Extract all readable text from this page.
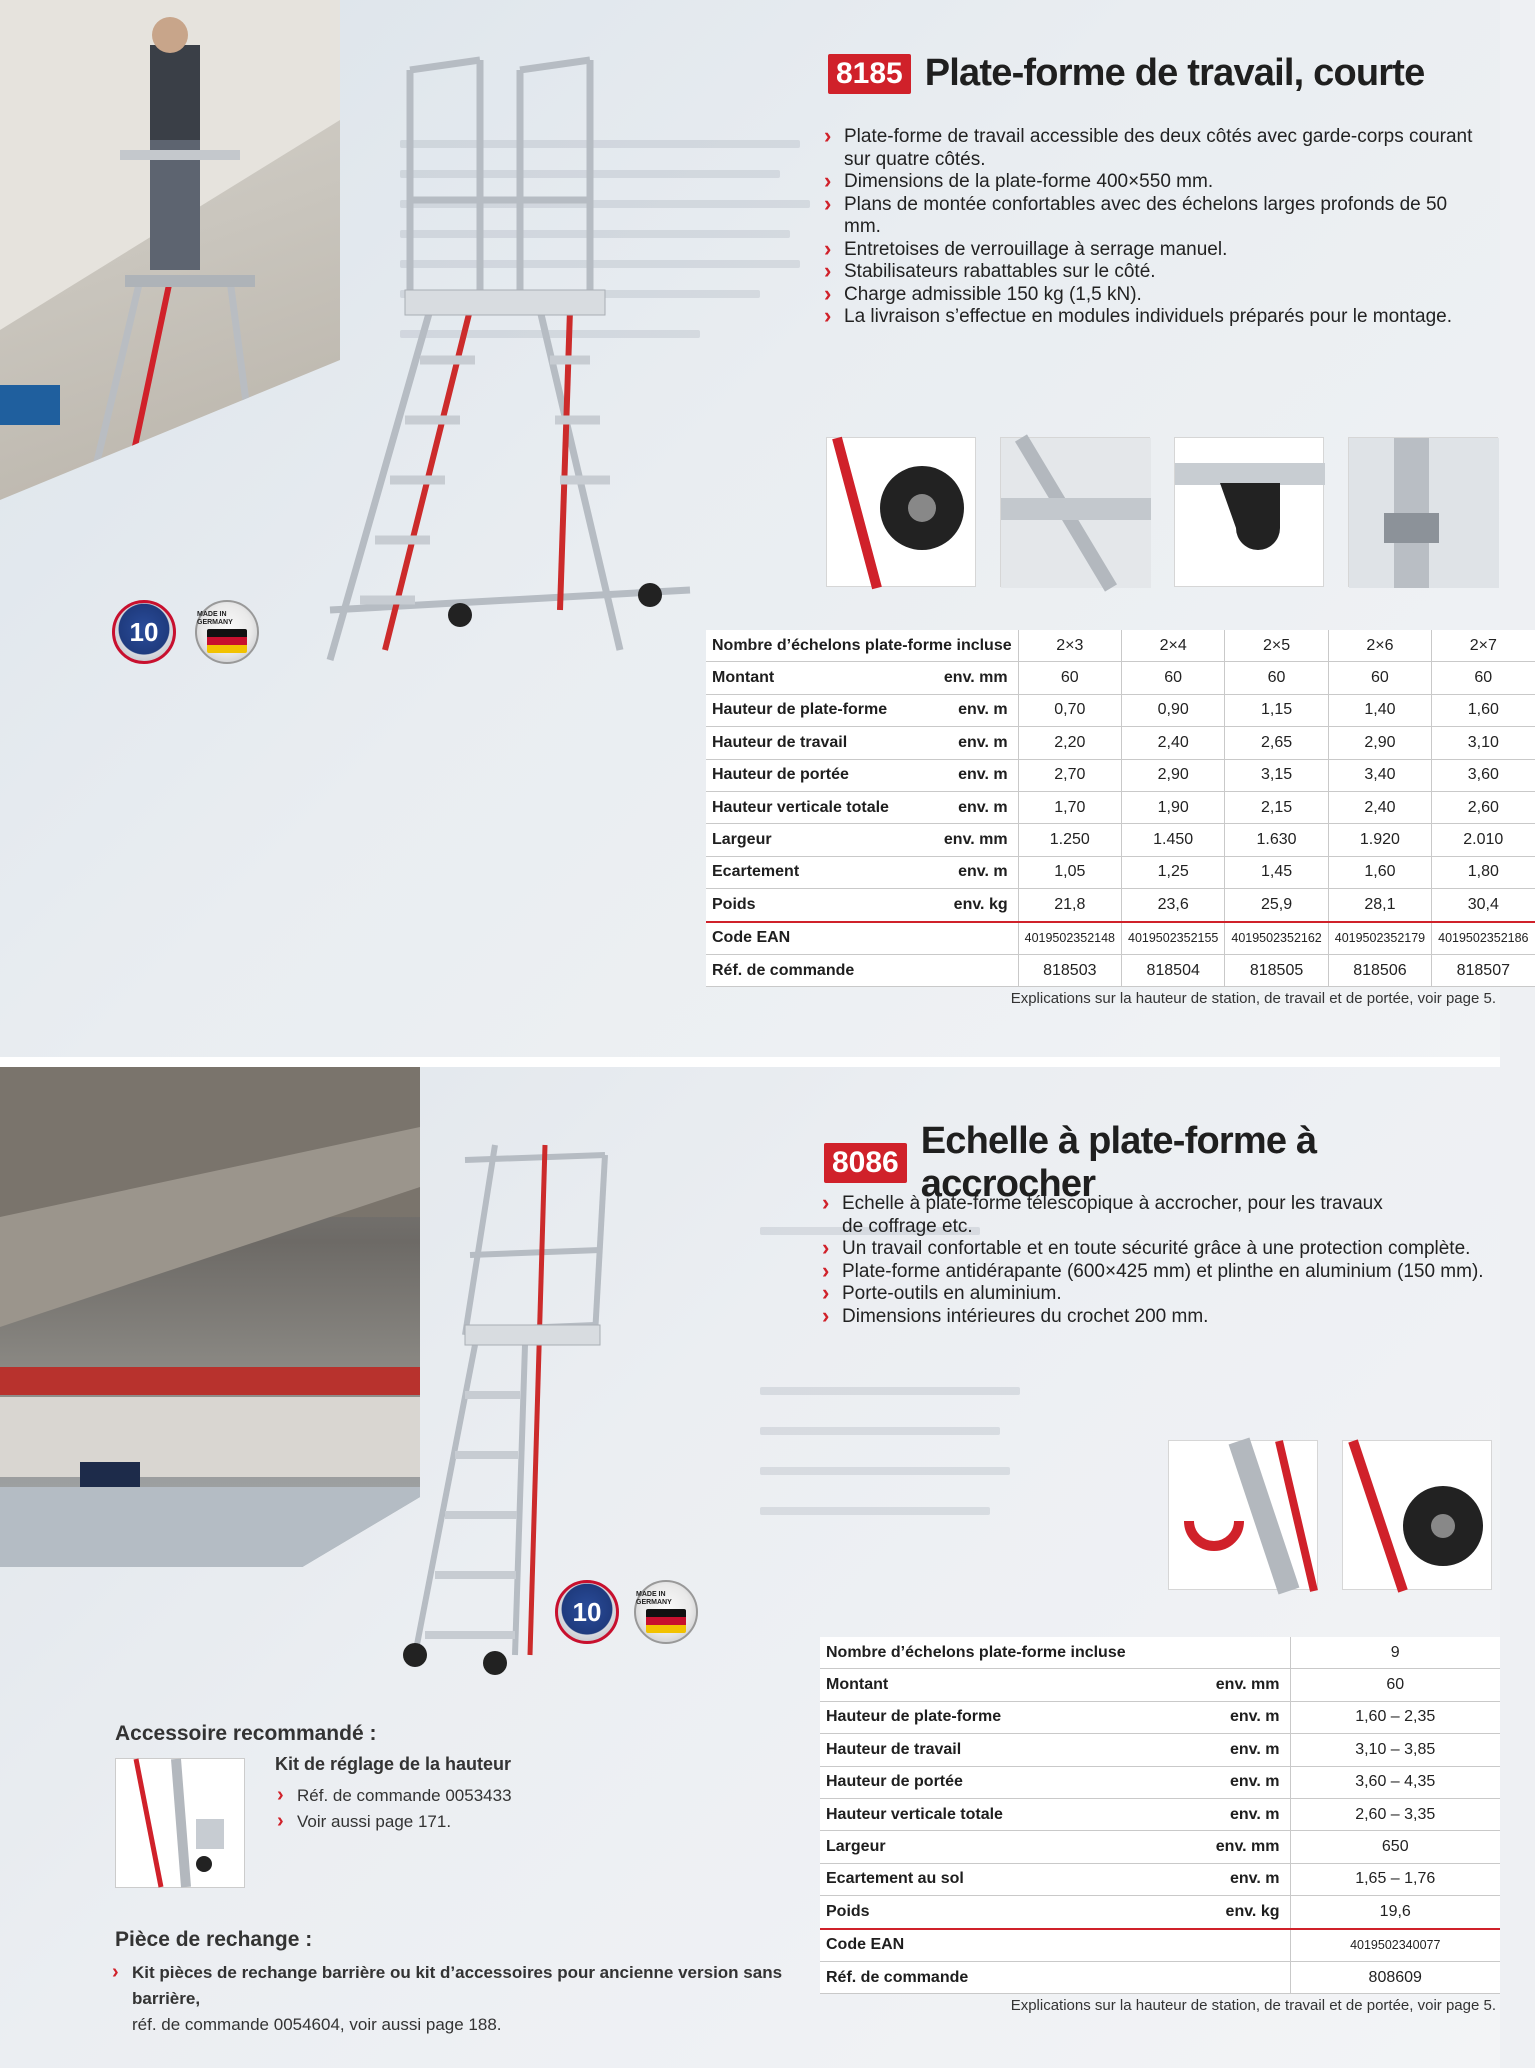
10
MADE IN GERMANY
8185 Plate-forme de travail, courte
› Plate-forme de travail accessible des deux côtés avec garde-corps courant sur quatre côtés.
› Dimensions de la plate-forme 400×550 mm.
› Plans de montée confortables avec des échelons larges profonds de 50 mm.
› Entretoises de verrouillage à serrage manuel.
› Stabilisateurs rabattables sur le côté.
› Charge admissible 150 kg (1,5 kN).
› La livraison s’effectue en modules individuels préparés pour le montage.
Nombre d’échelons plate-forme incluse		2×3	2×4	2×5	2×6	2×7
Montant	env. mm	60	60	60	60	60
Hauteur de plate-forme	env. m	0,70	0,90	1,15	1,40	1,60
Hauteur de travail	env. m	2,20	2,40	2,65	2,90	3,10
Hauteur de portée	env. m	2,70	2,90	3,15	3,40	3,60
Hauteur verticale totale	env. m	1,70	1,90	2,15	2,40	2,60
Largeur	env. mm	1.250	1.450	1.630	1.920	2.010
Ecartement	env. m	1,05	1,25	1,45	1,60	1,80
Poids	env. kg	21,8	23,6	25,9	28,1	30,4
Code EAN		4019502352148	4019502352155	4019502352162	4019502352179	4019502352186
Réf. de commande		818503	818504	818505	818506	818507
Explications sur la hauteur de station, de travail et de portée, voir page 5.
10
MADE IN GERMANY
8086
Echelle à plate-forme à accrocher
› Echelle à plate-forme télescopique à accrocher, pour les travaux de coffrage etc.
› Un travail confortable et en toute sécurité grâce à une protection complète.
› Plate-forme antidérapante (600×425 mm) et plinthe en aluminium (150 mm).
› Porte-outils en aluminium.
› Dimensions intérieures du crochet 200 mm.
Nombre d’échelons plate-forme incluse		9
Montant	env. mm	60
Hauteur de plate-forme	env. m	1,60 – 2,35
Hauteur de travail	env. m	3,10 – 3,85
Hauteur de portée	env. m	3,60 – 4,35
Hauteur verticale totale	env. m	2,60 – 3,35
Largeur	env. mm	650
Ecartement au sol	env. m	1,65 – 1,76
Poids	env. kg	19,6
Code EAN		4019502340077
Réf. de commande		808609
Explications sur la hauteur de station, de travail et de portée, voir page 5.
Accessoire recommandé :
Kit de réglage de la hauteur
› Réf. de commande 0053433
› Voir aussi page 171.
Pièce de rechange :
› Kit pièces de rechange barrière ou kit d’accessoires pour ancienne version sans barrière,
réf. de commande 0054604, voir aussi page 188.
